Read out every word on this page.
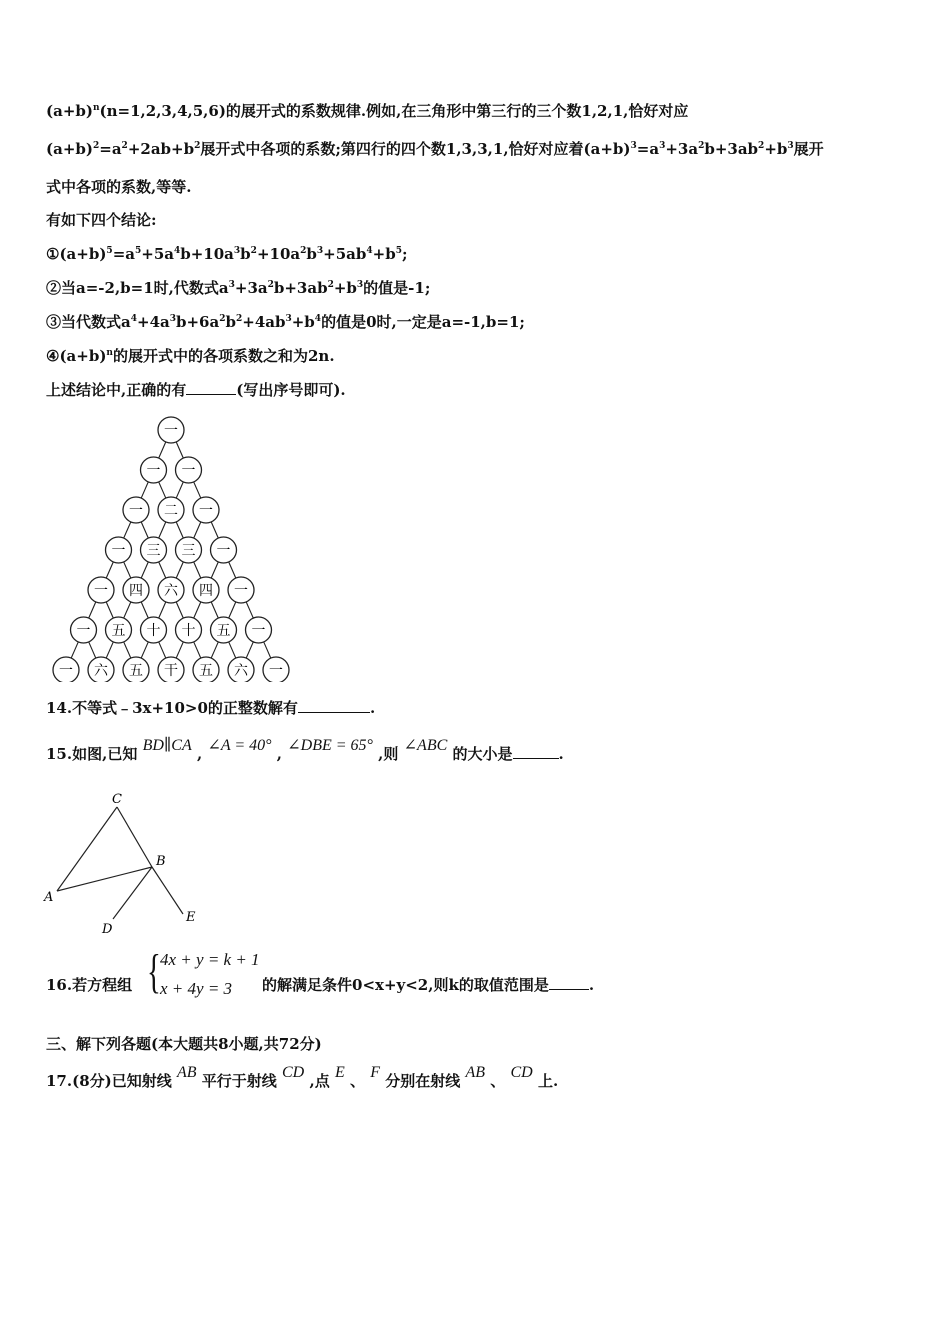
$(a+b)^n(n=1,2,3,4,5,6)$的展开式的系数规律.例如,在三角形中第三行的三个数1,2,1,恰好对应
$(a+b)^2=a^2+2ab+b^2$展开式中各项的系数;第四行的四个数1,3,3,1,恰好对应着$(a+b)^3=a^3+3a^2b+3ab^2+b^3$展开
式中各项的系数,等等.
有如下四个结论:
$①(a+b)^5=a^5+5a^4b+10a^3b^2+10a^2b^3+5ab^4+b^5$;
②当a=-2,b=1时,代数式$a^3+3a^2b+3ab^2+b^3$的值是-1;
③当代数式$a^4+4a^3b+6a^2b^2+4ab^3+b^4$的值是0时,一定是a=-1,b=1;
$④(a+b)^n$的展开式中的各项系数之和为2n.
上述结论中,正确的有	(写出序号即可).
一
一 一
一 二 一
一 三 三 一
一 四 六 四 一
一 五 十 十 五 一
一 六 五 干 五 六 一
14.不等式﹣3x+10>0的正整数解有	.
15.如图,已知 BD∥CA , ∠A = 40° , ∠DBE = 65° ,则 ∠ABC 的大小是	.
C
B
A
D
E
16.若方程组 { 4x + y = k + 1
x + 4y = 3 的解满足条件0<x+y<2,则k的取值范围是	.
三、解下列各题(本大题共8小题,共72分)
17.(8分)已知射线 AB 平行于射线 CD ,点 E 、 F 分别在射线 AB 、 CD 上.
